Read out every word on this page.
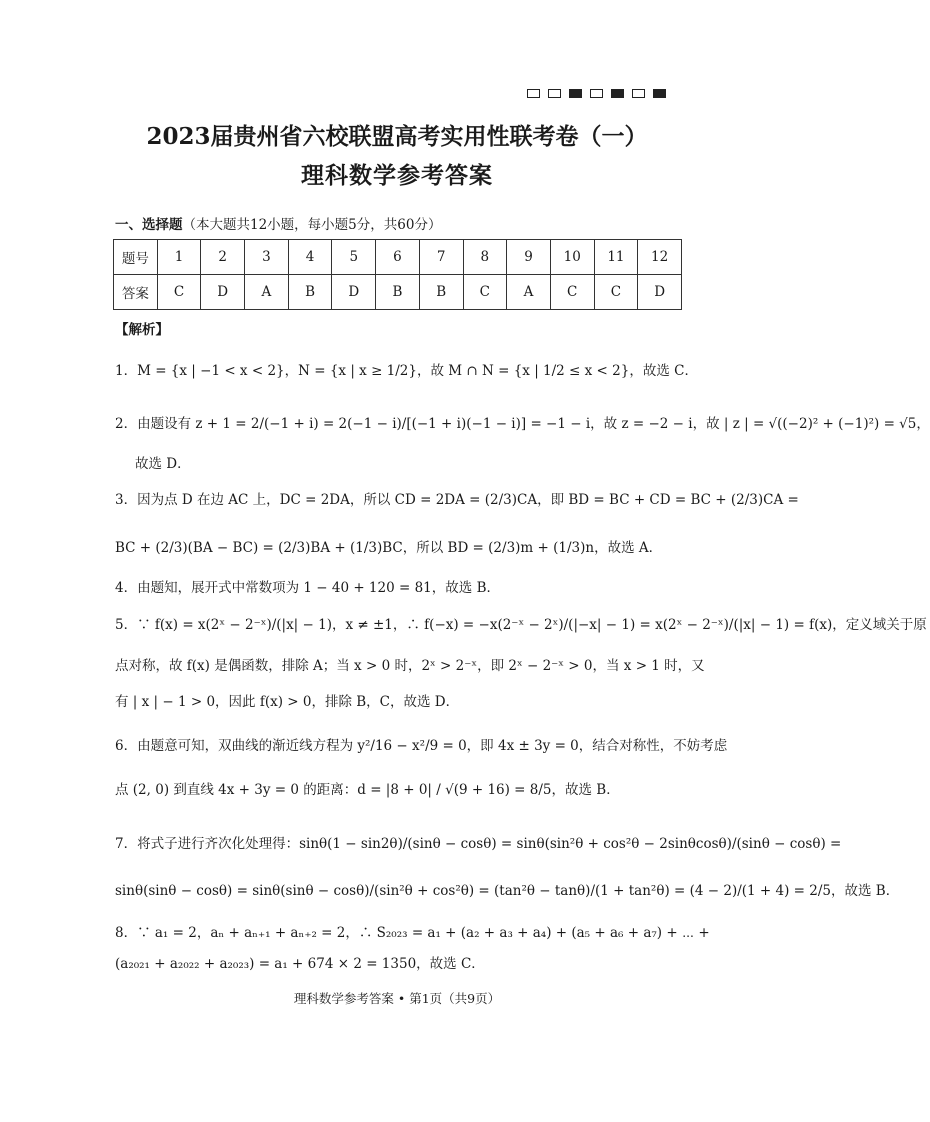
2023届贵州省六校联盟高考实用性联考卷（一）
理科数学参考答案
一、选择题（本大题共12小题，每小题5分，共60分）
题号	1	2	3	4	5	6	7	8	9	10	11	12
答案	C	D	A	B	D	B	B	C	A	C	C	D
【解析】
1．M = {x | −1 < x < 2}，N = {x | x ≥ 1/2}，故 M ∩ N = {x | 1/2 ≤ x < 2}，故选 C．
2．由题设有 z + 1 = 2/(−1 + i) = 2(−1 − i)/[(−1 + i)(−1 − i)] = −1 − i，故 z = −2 − i，故 | z | = √((−2)² + (−1)²) = √5，
故选 D．
3．因为点 D 在边 AC 上，DC = 2DA，所以 CD = 2DA = (2/3)CA，即 BD = BC + CD = BC + (2/3)CA =
BC + (2/3)(BA − BC) = (2/3)BA + (1/3)BC，所以 BD = (2/3)m + (1/3)n，故选 A．
4．由题知，展开式中常数项为 1 − 40 + 120 = 81，故选 B．
5．∵ f(x) = x(2ˣ − 2⁻ˣ)/(|x| − 1)，x ≠ ±1，∴ f(−x) = −x(2⁻ˣ − 2ˣ)/(|−x| − 1) = x(2ˣ − 2⁻ˣ)/(|x| − 1) = f(x)，定义域关于原
点对称，故 f(x) 是偶函数，排除 A；当 x > 0 时，2ˣ > 2⁻ˣ，即 2ˣ − 2⁻ˣ > 0，当 x > 1 时，又
有 | x | − 1 > 0，因此 f(x) > 0，排除 B，C，故选 D．
6．由题意可知，双曲线的渐近线方程为 y²/16 − x²/9 = 0，即 4x ± 3y = 0，结合对称性，不妨考虑
点 (2, 0) 到直线 4x + 3y = 0 的距离：d = |8 + 0| / √(9 + 16) = 8/5，故选 B．
7．将式子进行齐次化处理得：sinθ(1 − sin2θ)/(sinθ − cosθ) = sinθ(sin²θ + cos²θ − 2sinθcosθ)/(sinθ − cosθ) =
sinθ(sinθ − cosθ) = sinθ(sinθ − cosθ)/(sin²θ + cos²θ) = (tan²θ − tanθ)/(1 + tan²θ) = (4 − 2)/(1 + 4) = 2/5，故选 B．
8．∵ a₁ = 2，aₙ + aₙ₊₁ + aₙ₊₂ = 2，∴ S₂₀₂₃ = a₁ + (a₂ + a₃ + a₄) + (a₅ + a₆ + a₇) + ⋯ +
(a₂₀₂₁ + a₂₀₂₂ + a₂₀₂₃) = a₁ + 674 × 2 = 1350，故选 C．
理科数学参考答案 • 第1页（共9页）
